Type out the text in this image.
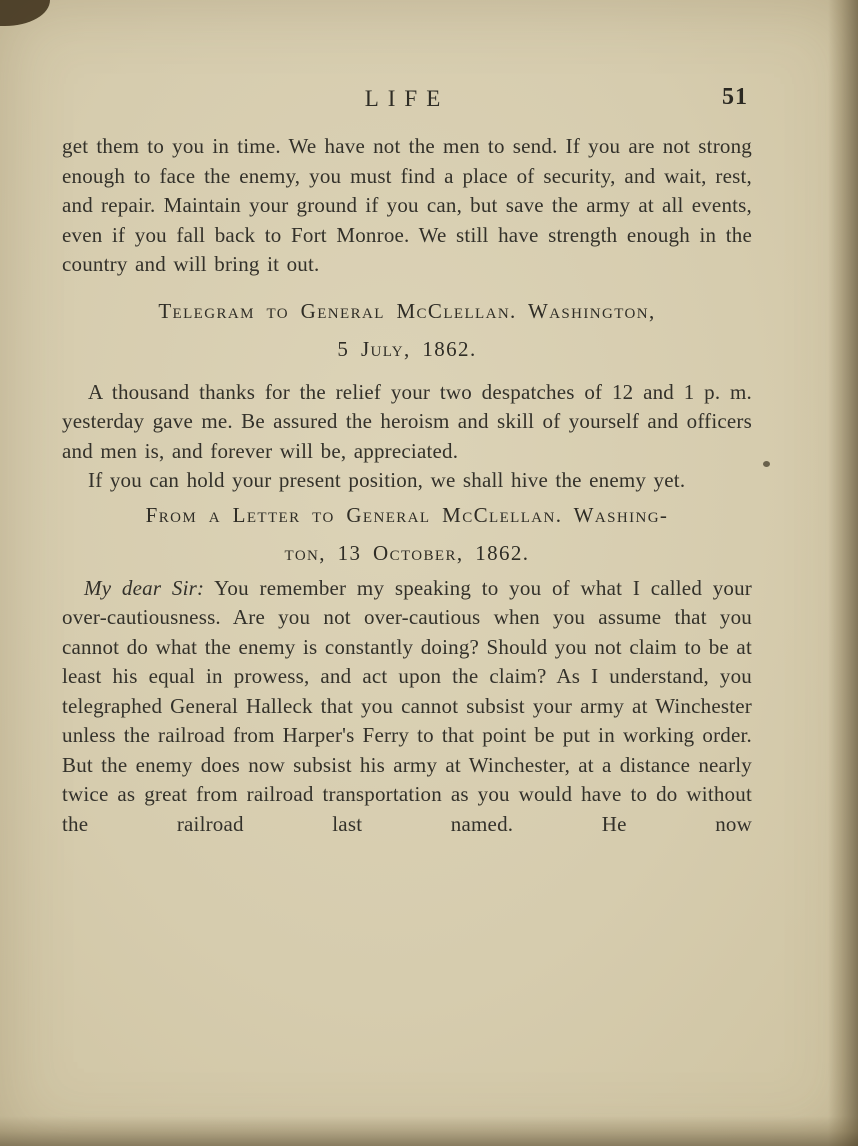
LIFE	51

get them to you in time. We have not the men to send. If you are not strong enough to face the enemy, you must find a place of security, and wait, rest, and repair. Maintain your ground if you can, but save the army at all events, even if you fall back to Fort Monroe. We still have strength enough in the country and will bring it out.

Telegram to General McClellan. Washington,
5 July, 1862.

A thousand thanks for the relief your two despatches of 12 and 1 p. m. yesterday gave me. Be assured the heroism and skill of yourself and officers and men is, and forever will be, appreciated.

If you can hold your present position, we shall hive the enemy yet.

From a Letter to General McClellan. Washing-
ton, 13 October, 1862.

My dear Sir: You remember my speaking to you of what I called your over-cautiousness. Are you not over-cautious when you assume that you cannot do what the enemy is constantly doing? Should you not claim to be at least his equal in prowess, and act upon the claim? As I understand, you telegraphed General Halleck that you cannot subsist your army at Winchester unless the railroad from Harper's Ferry to that point be put in working order. But the enemy does now subsist his army at Winchester, at a distance nearly twice as great from railroad transportation as you would have to do without the railroad last named. He now
